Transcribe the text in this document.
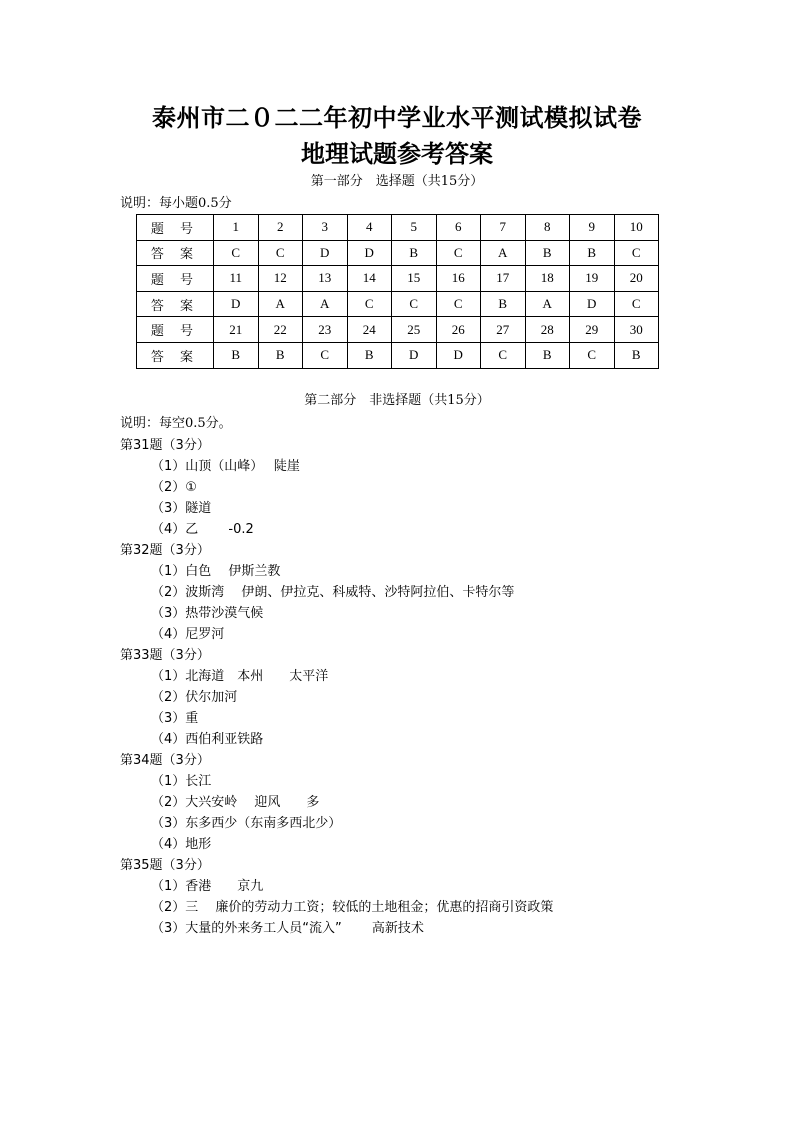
泰州市二０二二年初中学业水平测试模拟试卷
地理试题参考答案
第一部分　选择题（共15分）
说明：每小题0.5分
题 号	1	2	3	4	5	6	7	8	9	10
答 案	C	C	D	D	B	C	A	B	B	C
题 号	11	12	13	14	15	16	17	18	19	20
答 案	D	A	A	C	C	C	B	A	D	C
题 号	21	22	23	24	25	26	27	28	29	30
答 案	B	B	C	B	D	D	C	B	C	B
第二部分　非选择题（共15分）
说明：每空0.5分。
第31题（3分）
（1）山顶（山峰）　 陡崖
（2）①
（3）隧道
（4）乙　　 -0.2
第32题（3分）
（1）白色　 伊斯兰教
（2）波斯湾　 伊朗、伊拉克、科威特、沙特阿拉伯、卡特尔等
（3）热带沙漠气候
（4）尼罗河
第33题（3分）
（1）北海道　本州　　太平洋
（2）伏尔加河
（3）重
（4）西伯利亚铁路
第34题（3分）
（1）长江
（2）大兴安岭　 迎风　　多
（3）东多西少（东南多西北少）
（4）地形
第35题（3分）
（1）香港　　京九
（2）三　 廉价的劳动力工资；较低的土地租金；优惠的招商引资政策
（3）大量的外来务工人员“流入”　　 高新技术
